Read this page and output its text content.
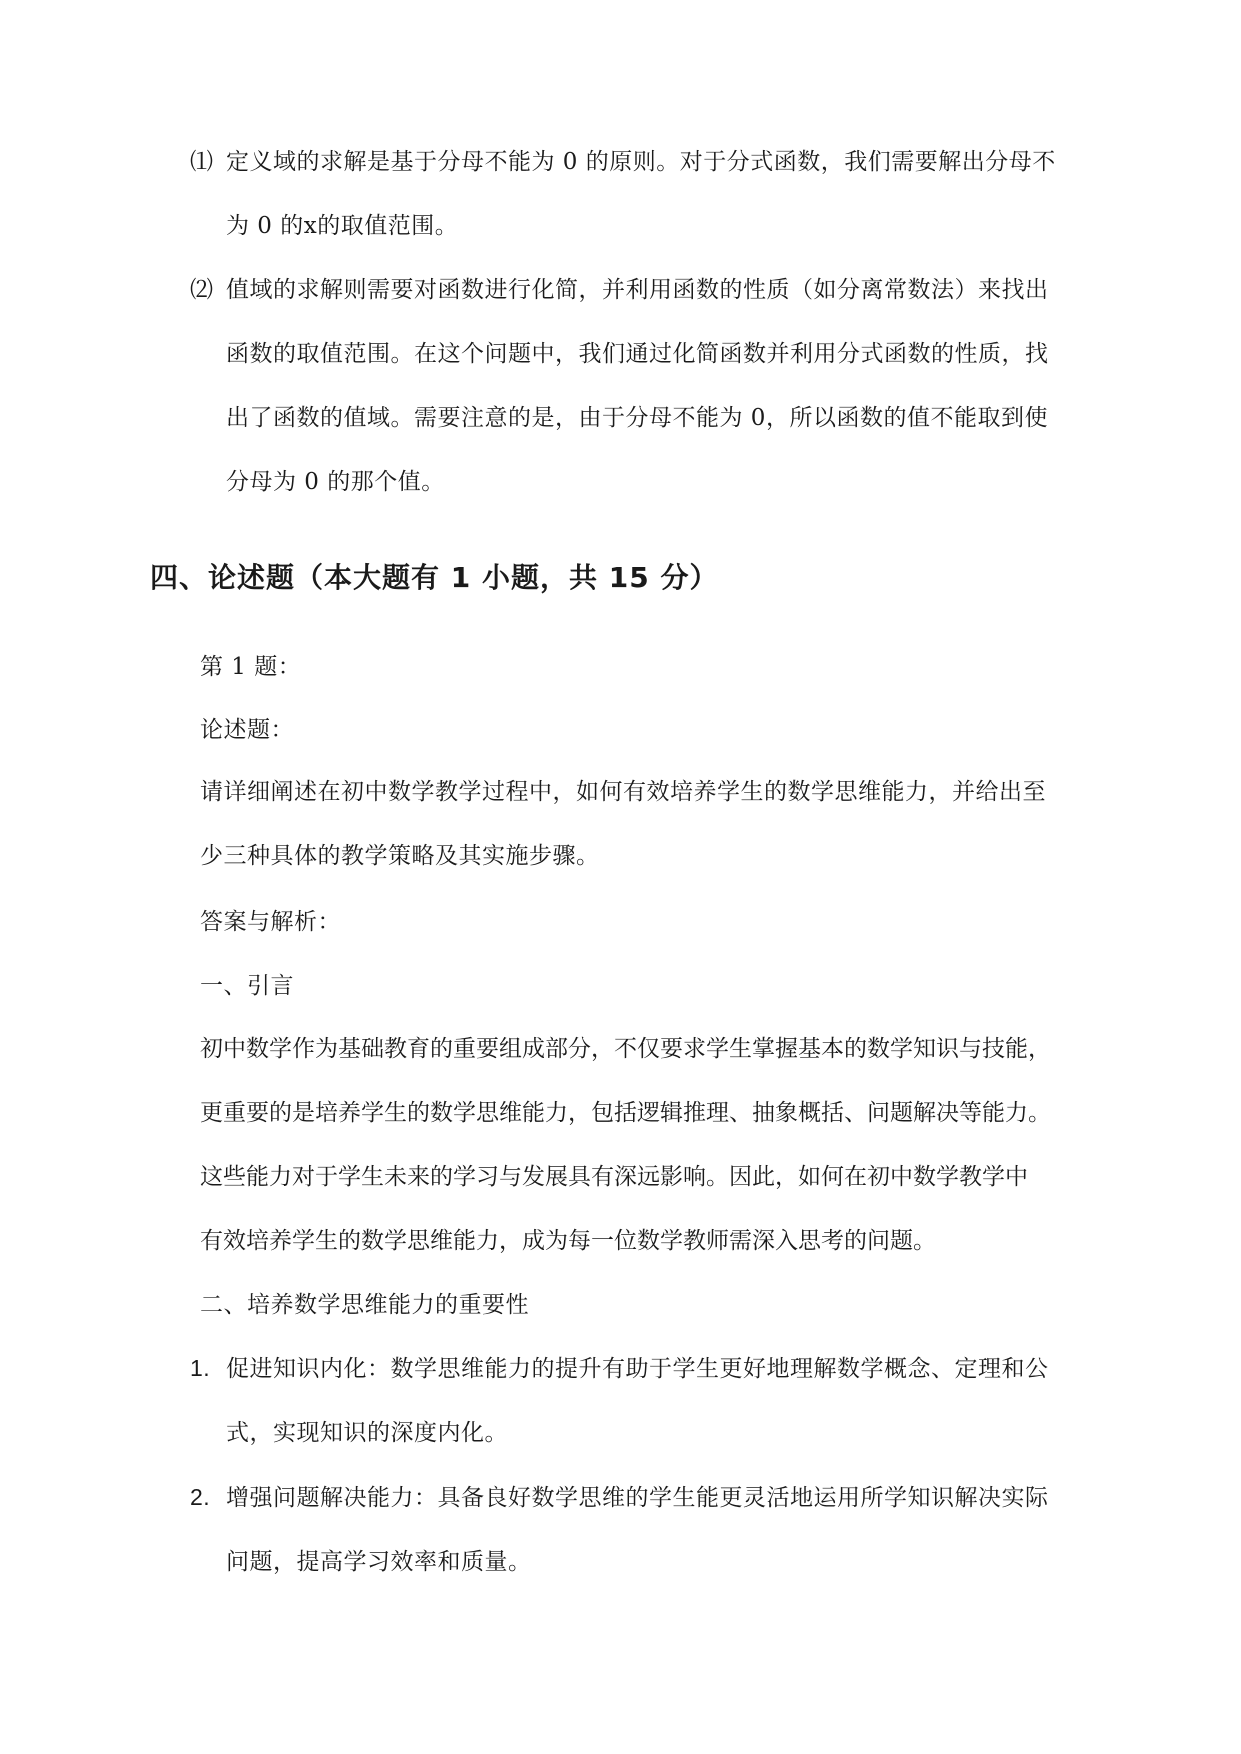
⑴ 定义域的求解是基于分母不能为 0 的原则。对于分式函数，我们需要解出分母不
为 0 的x的取值范围。
⑵ 值域的求解则需要对函数进行化简，并利用函数的性质（如分离常数法）来找出
函数的取值范围。在这个问题中，我们通过化简函数并利用分式函数的性质，找
出了函数的值域。需要注意的是，由于分母不能为 0，所以函数的值不能取到使
分母为 0 的那个值。
四、论述题（本大题有 1 小题，共 15 分）

第 1 题：

论述题：

请详细阐述在初中数学教学过程中，如何有效培养学生的数学思维能力，并给出至
少三种具体的教学策略及其实施步骤。

答案与解析：

一、引言

初中数学作为基础教育的重要组成部分，不仅要求学生掌握基本的数学知识与技能，
更重要的是培养学生的数学思维能力，包括逻辑推理、抽象概括、问题解决等能力。
这些能力对于学生未来的学习与发展具有深远影响。因此，如何在初中数学教学中
有效培养学生的数学思维能力，成为每一位数学教师需深入思考的问题。

二、培养数学思维能力的重要性

1. 促进知识内化：数学思维能力的提升有助于学生更好地理解数学概念、定理和公
式，实现知识的深度内化。
2. 增强问题解决能力：具备良好数学思维的学生能更灵活地运用所学知识解决实际
问题，提高学习效率和质量。
